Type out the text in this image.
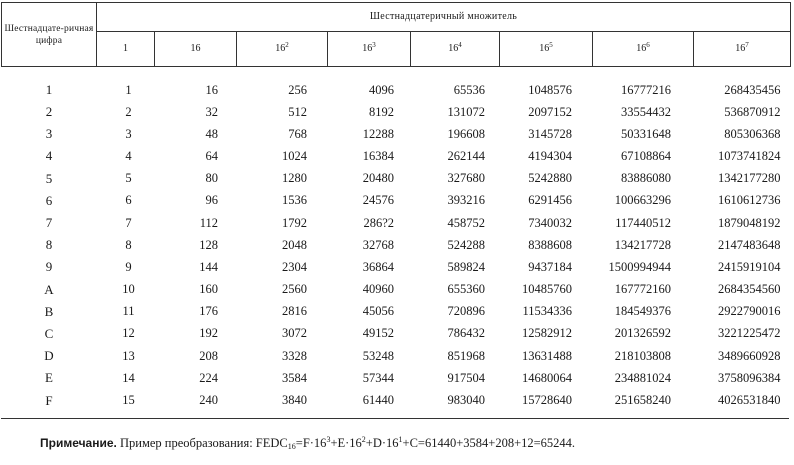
Шестнадцате-ричная цифра	Шестнадцатеричный множитель							
	1	16	$16^2$	$16^3$	$16^4$	$16^5$	$16^6$	$16^7$
1	1	16	256	4096	65536	1048576	16777216	268435456
2	2	32	512	8192	131072	2097152	33554432	536870912
3	3	48	768	12288	196608	3145728	50331648	805306368
4	4	64	1024	16384	262144	4194304	67108864	1073741824
5	5	80	1280	20480	327680	5242880	83886080	1342177280
6	6	96	1536	24576	393216	6291456	100663296	1610612736
7	7	112	1792	286?2	458752	7340032	117440512	1879048192
8	8	128	2048	32768	524288	8388608	134217728	2147483648
9	9	144	2304	36864	589824	9437184	1500994944	2415919104
A	10	160	2560	40960	655360	10485760	167772160	2684354560
B	11	176	2816	45056	720896	11534336	184549376	2922790016
C	12	192	3072	49152	786432	12582912	201326592	3221225472
D	13	208	3328	53248	851968	13631488	218103808	3489660928
E	14	224	3584	57344	917504	14680064	234881024	3758096384
F	15	240	3840	61440	983040	15728640	251658240	4026531840
Примечание. Пример преобразования: $FEDC_{16}=F\cdot 16^3+E\cdot 16^2+D\cdot 16^1+C=61440+3584+208+12=65244$.
